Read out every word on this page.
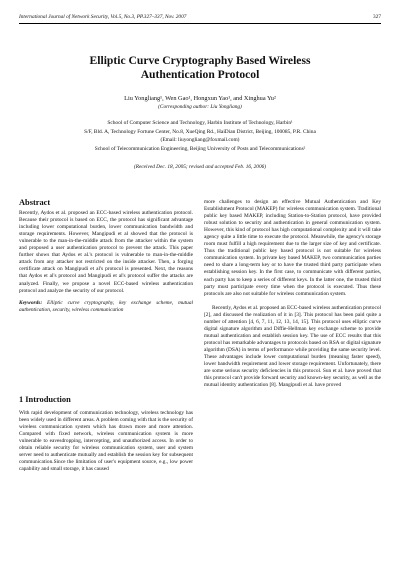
International Journal of Network Security, Vol.5, No.3, PP.327–337, Nov. 2007	327
Elliptic Curve Cryptography Based Wireless
Authentication Protocol
Liu Yongliang¹, Wen Gao¹, Hongxun Yao¹, and Xinghua Yu²
(Corresponding author: Liu Yongliang)
School of Computer Science and Technology, Harbin Institute of Technology, Harbin¹
S/F, Bld. A, Technology Fortune Center, No.8, XueQing Rd., HaiDian District, Beijing, 100085, P.R. China
(Email: liuyongliang@foxmail.com)
School of Telecommunication Engineering, Beijing University of Posts and Telecommunications²
(Received Dec. 18, 2005; revised and accepted Feb. 16, 2006)
Abstract

Recently, Aydos et al. proposed an ECC-based wireless authentication protocol. Because their protocol is based on ECC, the protocol has significant advantage including lower computational burden, lower communication bandwidth and storage requirements. However, Mangipudi et al showed that the protocol is vulnerable to the man-in-the-middle attack from the attacker within the system and proposed a user authentication protocol to prevent the attack. This paper further shows that Aydos et al.'s protocol is vulnerable to man-in-the-middle attack from any attacker not restricted on the inside attacker. Then, a forging certificate attack on Mangipudi et al's protocol is presented. Next, the reasons that Aydos et al's protocol and Mangipudi et al's protocol suffer the attacks are analyzed. Finally, we propose a novel ECC-based wireless authentication protocol and analyze the security of our protocol.

Keywords: Elliptic curve cryptography, key exchange scheme, mutual authentication, security, wireless communication

1 Introduction

With rapid development of communication technology, wireless technology has been widely used in different areas. A problem coming with that is the security of wireless communication system which has drawn more and more attention. Compared with fixed network, wireless communication system is more vulnerable to eavesdropping, intercepting, and unauthorized access. In order to obtain reliable security for wireless communication system, user and system server need to authenticate mutually and establish the session key for subsequent communication.Since the limitation of user's equipment source, e.g., low power capability and small storage, it has caused

more challenges to design an effective Mutual Authentication and Key Establishment Protocol (MAKEP) for wireless communication system. Traditional public key based MAKEP, including Station-to-Station protocol, have provided robust solution to security and authentication in general communication system. However, this kind of protocol has high computational complexity and it will take agency quite a little time to execute the protocol. Meanwhile, the agency's storage room must fulfill a high requirement due to the larger size of key and certificate. Thus the traditional public key based protocol is not suitable for wireless communication system. In private key based MAKEP, two communication parties need to share a long-term key or to have the trusted third party participate when establishing session key. In the first case, to communicate with different parties, each party has to keep a series of different keys. In the latter one, the trusted third party must participate every time when the protocol is executed. Thus these protocols are also not suitable for wireless communication system.

Recently, Aydos et al. proposed an ECC-based wireless authentication protocol [2], and discussed the realization of it in [3]. This protocol has been paid quite a number of attention [4, 6, 7, 11, 12, 13, 14, 15]. This protocol uses elliptic curve digital signature algorithm and Diffie-Hellman key exchange scheme to provide mutual authentication and establish session key. The use of ECC results that this protocol has remarkable advantages to protocols based on RSA or digital signature algorithm (DSA) in terms of performance while providing the same security level. These advantages include lower computational burden (meaning faster speed), lower bandwidth requirement and lower storage requirement. Unfortunately, there are some serious security deficiencies in this protocol. Sun et al. have proved that this protocol can't provide forward security and known-key security, as well as the mutual identity authentication [8]. Mangipudi et al. have proved
